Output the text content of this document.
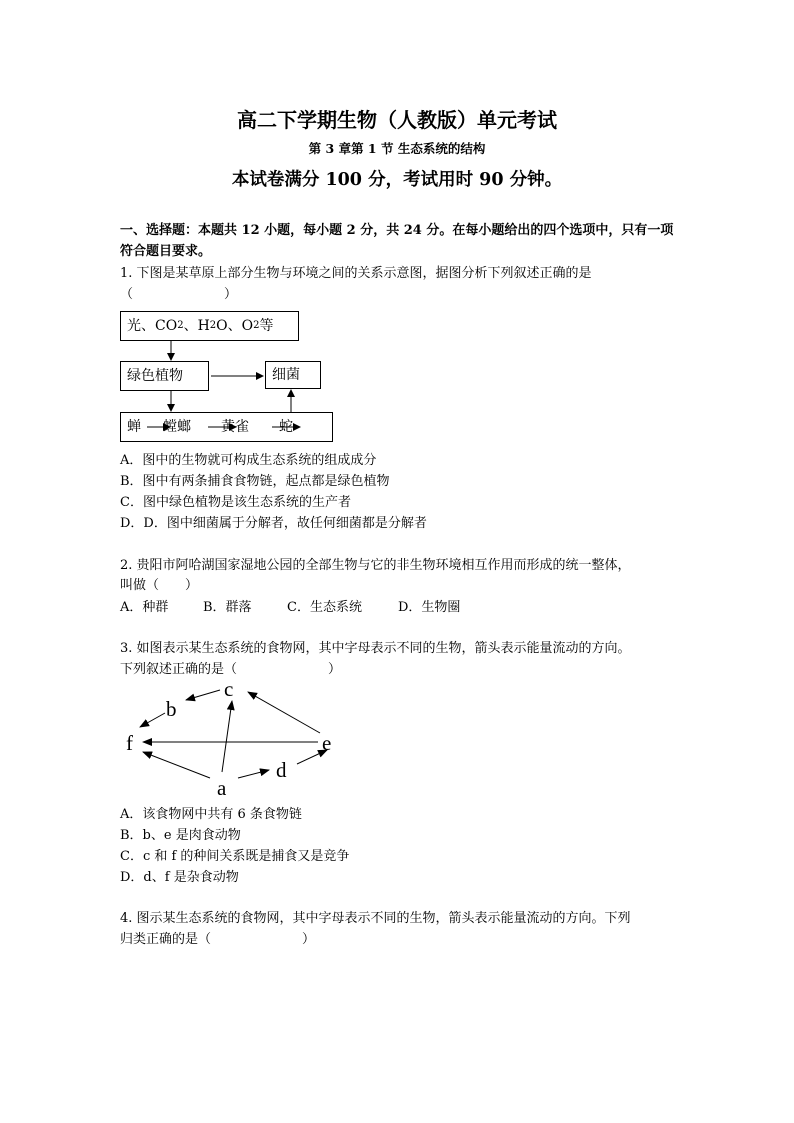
高二下学期生物（人教版）单元考试
第 3 章第 1 节 生态系统的结构
本试卷满分 100 分，考试用时 90 分钟。
一、选择题：本题共 12 小题，每小题 2 分，共 24 分。在每小题给出的四个选项中，只有一项符合题目要求。
1. 下图是某草原上部分生物与环境之间的关系示意图，据图分析下列叙述正确的是
（　　　　　　　）
光、CO 2 、H 2 O、O 2 等
绿色植物	细菌
蝉 螳螂 黄雀 蛇
A．图中的生物就可构成生态系统的组成成分
B．图中有两条捕食食物链，起点都是绿色植物
C．图中绿色植物是该生态系统的生产者
D．D．图中细菌属于分解者，故任何细菌都是分解者
2. 贵阳市阿哈湖国家湿地公园的全部生物与它的非生物环境相互作用而形成的统一整体，
叫做（　　）
A．种群	B．群落	C．生态系统	D．生物圈
3. 如图表示某生态系统的食物网，其中字母表示不同的生物，箭头表示能量流动的方向。
下列叙述正确的是（　　　　　　　）
c
b
f	e
d
a
A．该食物网中共有 6 条食物链
B．b、e 是肉食动物
C．c 和 f 的种间关系既是捕食又是竞争
D．d、f 是杂食动物
4. 图示某生态系统的食物网，其中字母表示不同的生物，箭头表示能量流动的方向。下列
归类正确的是（　　　　　　　）
